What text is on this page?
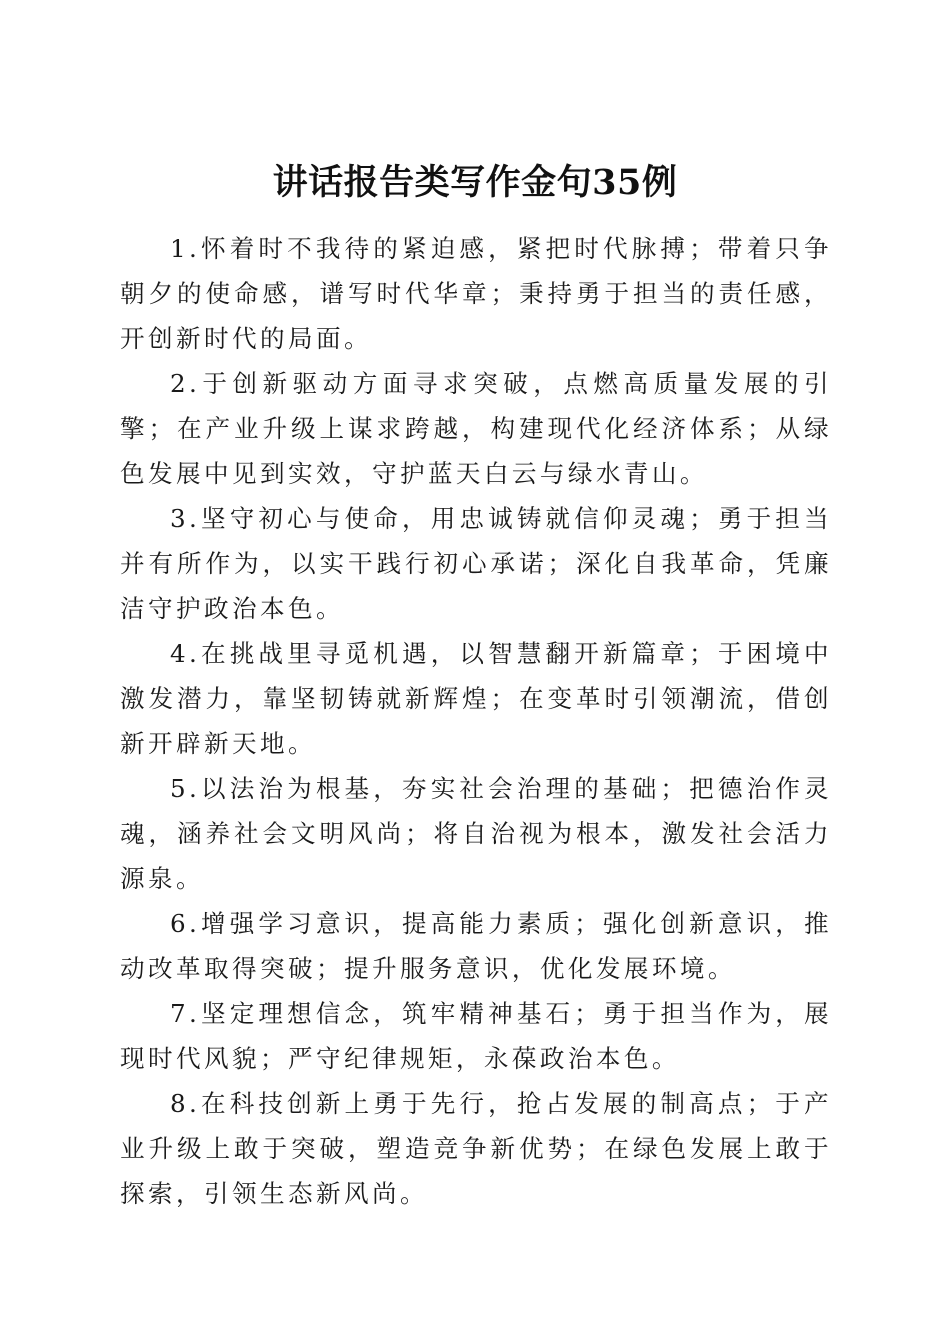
讲话报告类写作金句35例

1.怀着时不我待的紧迫感，紧把时代脉搏；带着只争朝夕的使命感，谱写时代华章；秉持勇于担当的责任感，开创新时代的局面。

2.于创新驱动方面寻求突破，点燃高质量发展的引擎；在产业升级上谋求跨越，构建现代化经济体系；从绿色发展中见到实效，守护蓝天白云与绿水青山。

3.坚守初心与使命，用忠诚铸就信仰灵魂；勇于担当并有所作为，以实干践行初心承诺；深化自我革命，凭廉洁守护政治本色。

4.在挑战里寻觅机遇，以智慧翻开新篇章；于困境中激发潜力，靠坚韧铸就新辉煌；在变革时引领潮流，借创新开辟新天地。

5.以法治为根基，夯实社会治理的基础；把德治作灵魂，涵养社会文明风尚；将自治视为根本，激发社会活力源泉。

6.增强学习意识，提高能力素质；强化创新意识，推动改革取得突破；提升服务意识，优化发展环境。

7.坚定理想信念，筑牢精神基石；勇于担当作为，展现时代风貌；严守纪律规矩，永葆政治本色。

8.在科技创新上勇于先行，抢占发展的制高点；于产业升级上敢于突破，塑造竞争新优势；在绿色发展上敢于探索，引领生态新风尚。
